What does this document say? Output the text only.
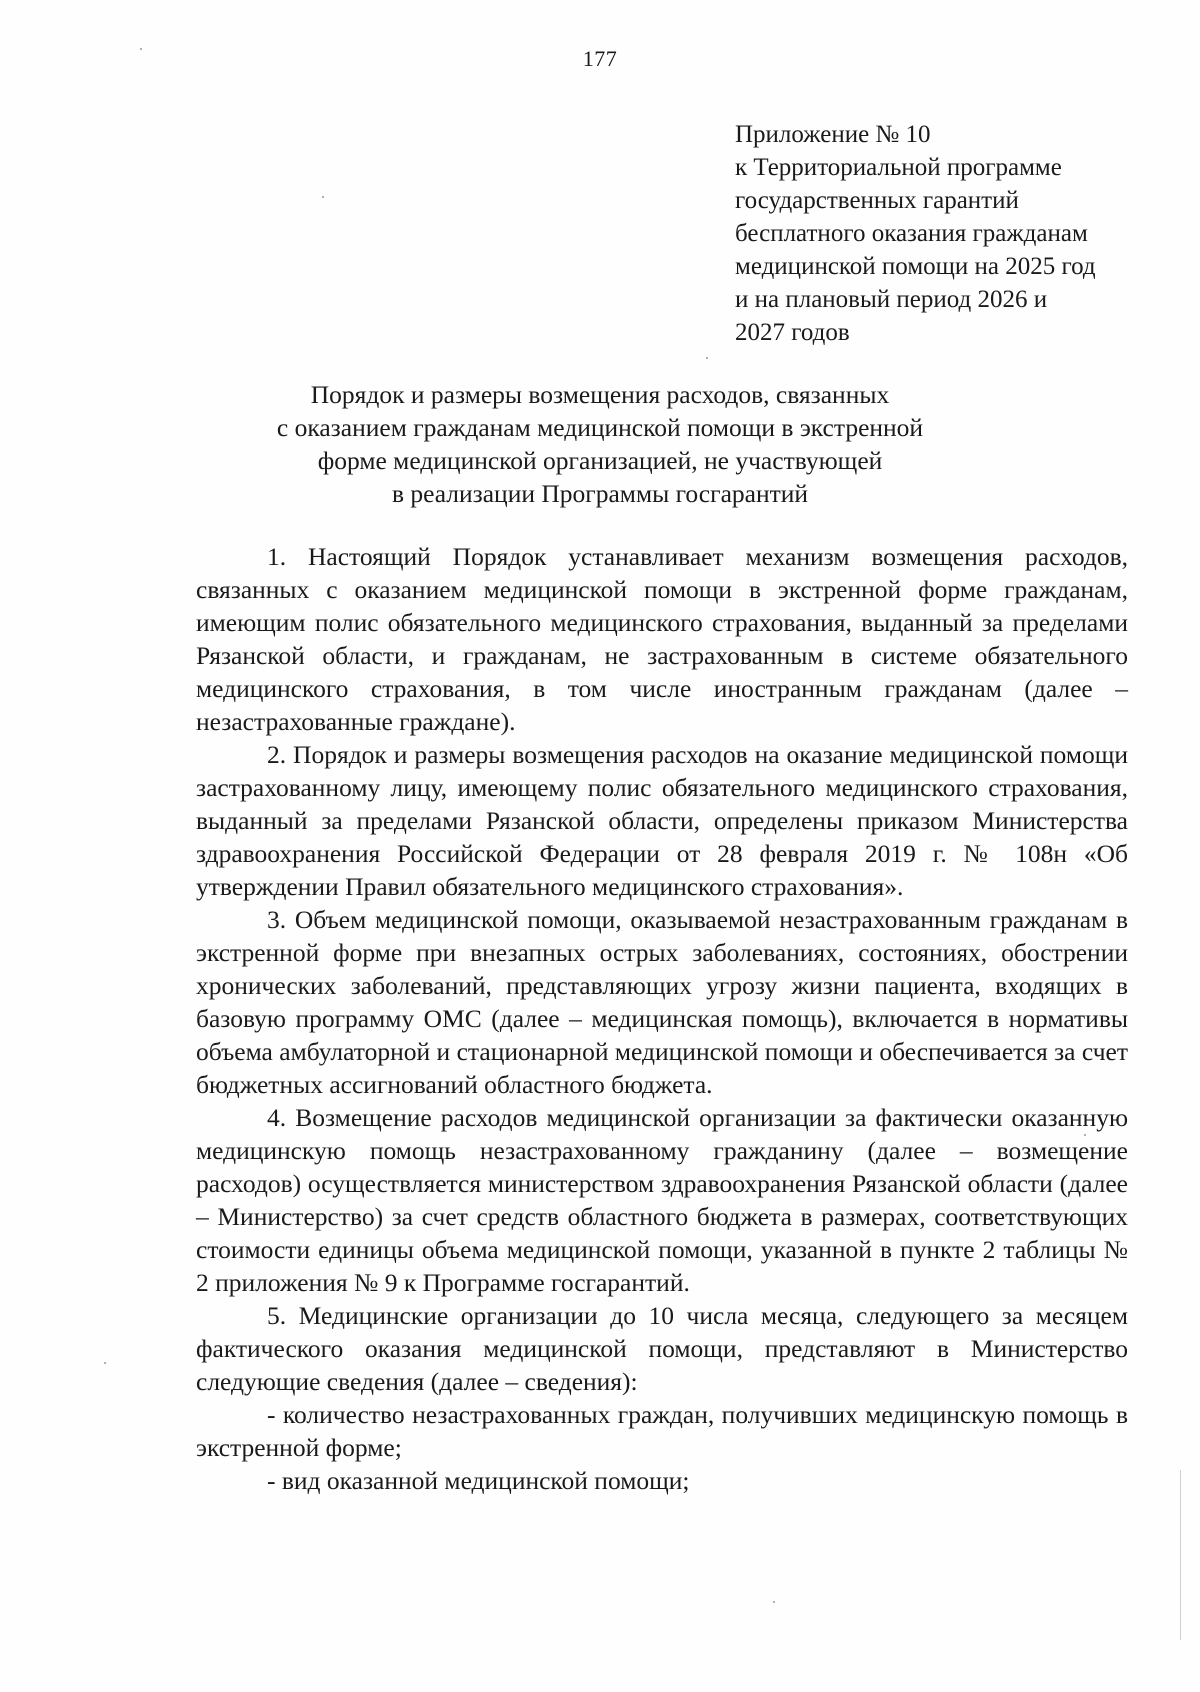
177
Приложение № 10
к Территориальной программе
государственных гарантий
бесплатного оказания гражданам
медицинской помощи на 2025 год
и на плановый период 2026 и
2027 годов
Порядок и размеры возмещения расходов, связанных
с оказанием гражданам медицинской помощи в экстренной
форме медицинской организацией, не участвующей
в реализации Программы госгарантий

1. Настоящий Порядок устанавливает механизм возмещения расходов, связанных с оказанием медицинской помощи в экстренной форме гражданам, имеющим полис обязательного медицинского страхования, выданный за пределами Рязанской области, и гражданам, не застрахованным в системе обязательного медицинского страхования, в том числе иностранным гражданам (далее – незастрахованные граждане).

2. Порядок и размеры возмещения расходов на оказание медицинской помощи застрахованному лицу, имеющему полис обязательного медицинского страхования, выданный за пределами Рязанской области, определены приказом Министерства здравоохранения Российской Федерации от 28 февраля 2019 г. № 108н «Об утверждении Правил обязательного медицинского страхования».

3. Объем медицинской помощи, оказываемой незастрахованным гражданам в экстренной форме при внезапных острых заболеваниях, состояниях, обострении хронических заболеваний, представляющих угрозу жизни пациента, входящих в базовую программу ОМС (далее – медицинская помощь), включается в нормативы объема амбулаторной и стационарной медицинской помощи и обеспечивается за счет бюджетных ассигнований областного бюджета.

4. Возмещение расходов медицинской организации за фактически оказанную медицинскую помощь незастрахованному гражданину (далее – возмещение расходов) осуществляется министерством здравоохранения Рязанской области (далее – Министерство) за счет средств областного бюджета в размерах, соответствующих стоимости единицы объема медицинской помощи, указанной в пункте 2 таблицы № 2 приложения № 9 к Программе госгарантий.

5. Медицинские организации до 10 числа месяца, следующего за месяцем фактического оказания медицинской помощи, представляют в Министерство следующие сведения (далее – сведения):

- количество незастрахованных граждан, получивших медицинскую помощь в экстренной форме;

- вид оказанной медицинской помощи;
